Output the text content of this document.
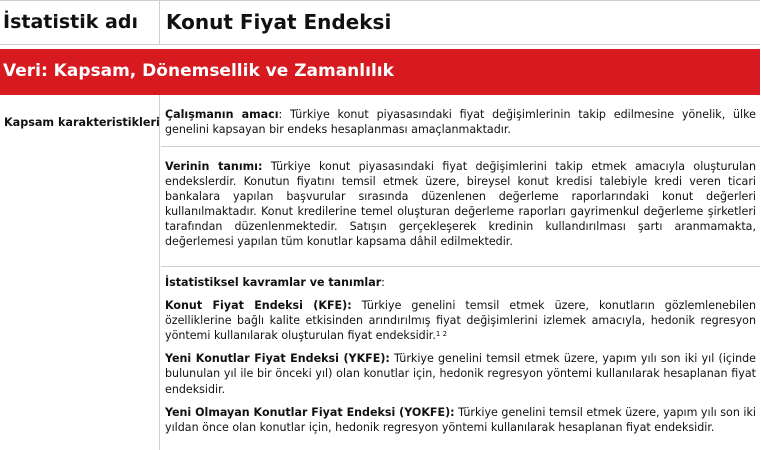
İstatistik adı	Konut Fiyat Endeksi
Veri: Kapsam, Dönemsellik ve Zamanlılık
Kapsam karakteristikleri

Çalışmanın amacı: Türkiye konut piyasasındaki fiyat değişimlerinin takip edilmesine yönelik, ülke genelini kapsayan bir endeks hesaplanması amaçlanmaktadır.

Verinin tanımı: Türkiye konut piyasasındaki fiyat değişimlerini takip etmek amacıyla oluşturulan endekslerdir. Konutun fiyatını temsil etmek üzere, bireysel konut kredisi talebiyle kredi veren ticari bankalara yapılan başvurular sırasında düzenlenen değerleme raporlarındaki konut değerleri kullanılmaktadır. Konut kredilerine temel oluşturan değerleme raporları gayrimenkul değerleme şirketleri tarafından düzenlenmektedir. Satışın gerçekleşerek kredinin kullandırılması şartı aranmamakta, değerlemesi yapılan tüm konutlar kapsama dâhil edilmektedir.

İstatistiksel kavramlar ve tanımlar:

Konut Fiyat Endeksi (KFE): Türkiye genelini temsil etmek üzere, konutların gözlemlenebilen özelliklerine bağlı kalite etkisinden arındırılmış fiyat değişimlerini izlemek amacıyla, hedonik regresyon yöntemi kullanılarak oluşturulan fiyat endeksidir.$^{1 2}$

Yeni Konutlar Fiyat Endeksi (YKFE): Türkiye genelini temsil etmek üzere, yapım yılı son iki yıl (içinde bulunulan yıl ile bir önceki yıl) olan konutlar için, hedonik regresyon yöntemi kullanılarak hesaplanan fiyat endeksidir.

Yeni Olmayan Konutlar Fiyat Endeksi (YOKFE): Türkiye genelini temsil etmek üzere, yapım yılı son iki yıldan önce olan konutlar için, hedonik regresyon yöntemi kullanılarak hesaplanan fiyat endeksidir.
